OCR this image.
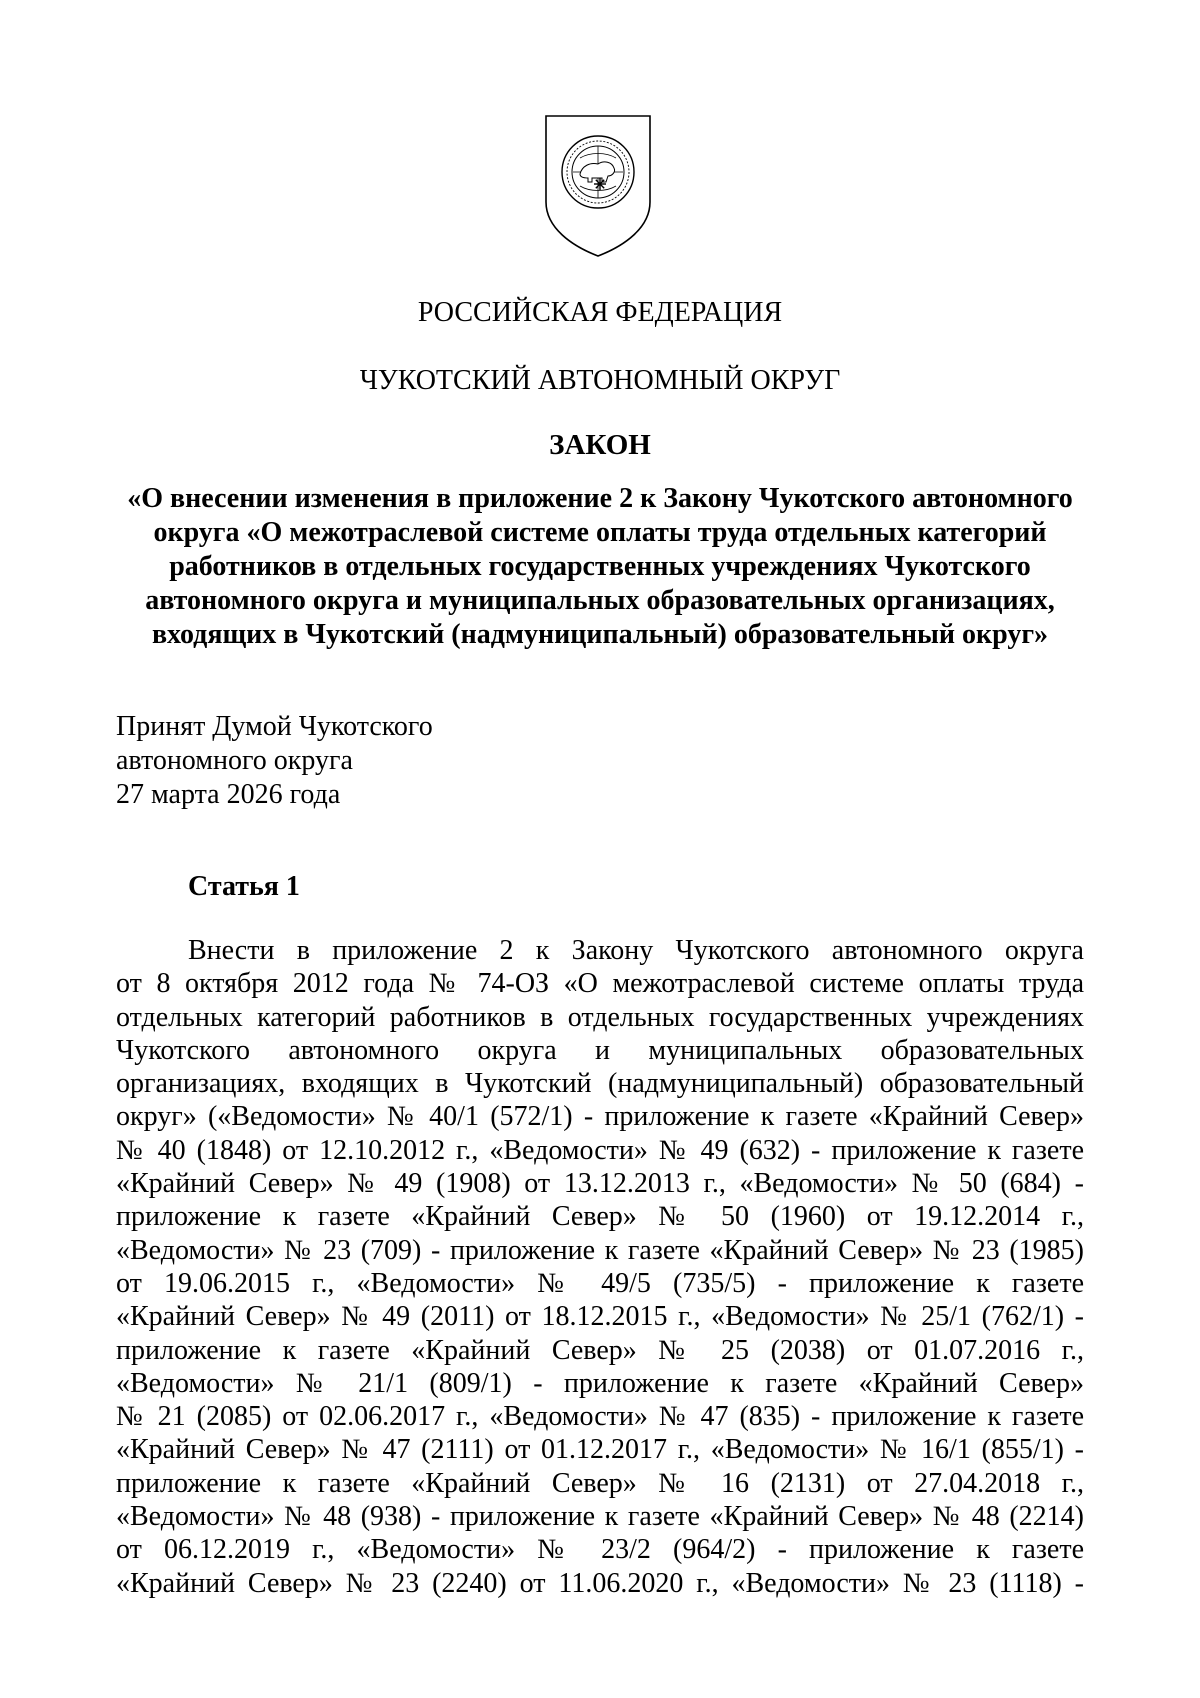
РОССИЙСКАЯ ФЕДЕРАЦИЯ
ЧУКОТСКИЙ АВТОНОМНЫЙ ОКРУГ
ЗАКОН
«О внесении изменения в приложение 2 к Закону Чукотского автономного
округа «О межотраслевой системе оплаты труда отдельных категорий
работников в отдельных государственных учреждениях Чукотского
автономного округа и муниципальных образовательных организациях,
входящих в Чукотский (надмуниципальный) образовательный округ»
Принят Думой Чукотского
автономного округа
27 марта 2026 года
Статья 1
Внести в приложение 2 к Закону Чукотского автономного округа
от 8 октября 2012 года № 74-ОЗ «О межотраслевой системе оплаты труда
отдельных категорий работников в отдельных государственных учреждениях
Чукотского автономного округа и муниципальных образовательных
организациях, входящих в Чукотский (надмуниципальный) образовательный
округ» («Ведомости» № 40/1 (572/1) - приложение к газете «Крайний Север»
№ 40 (1848) от 12.10.2012 г., «Ведомости» № 49 (632) - приложение к газете
«Крайний Север» № 49 (1908) от 13.12.2013 г., «Ведомости» № 50 (684) -
приложение к газете «Крайний Север» № 50 (1960) от 19.12.2014 г.,
«Ведомости» № 23 (709) - приложение к газете «Крайний Север» № 23 (1985)
от 19.06.2015 г., «Ведомости» № 49/5 (735/5) - приложение к газете
«Крайний Север» № 49 (2011) от 18.12.2015 г., «Ведомости» № 25/1 (762/1) -
приложение к газете «Крайний Север» № 25 (2038) от 01.07.2016 г.,
«Ведомости» № 21/1 (809/1) - приложение к газете «Крайний Север»
№ 21 (2085) от 02.06.2017 г., «Ведомости» № 47 (835) - приложение к газете
«Крайний Север» № 47 (2111) от 01.12.2017 г., «Ведомости» № 16/1 (855/1) -
приложение к газете «Крайний Север» № 16 (2131) от 27.04.2018 г.,
«Ведомости» № 48 (938) - приложение к газете «Крайний Север» № 48 (2214)
от 06.12.2019 г., «Ведомости» № 23/2 (964/2) - приложение к газете
«Крайний Север» № 23 (2240) от 11.06.2020 г., «Ведомости» № 23 (1118) -
